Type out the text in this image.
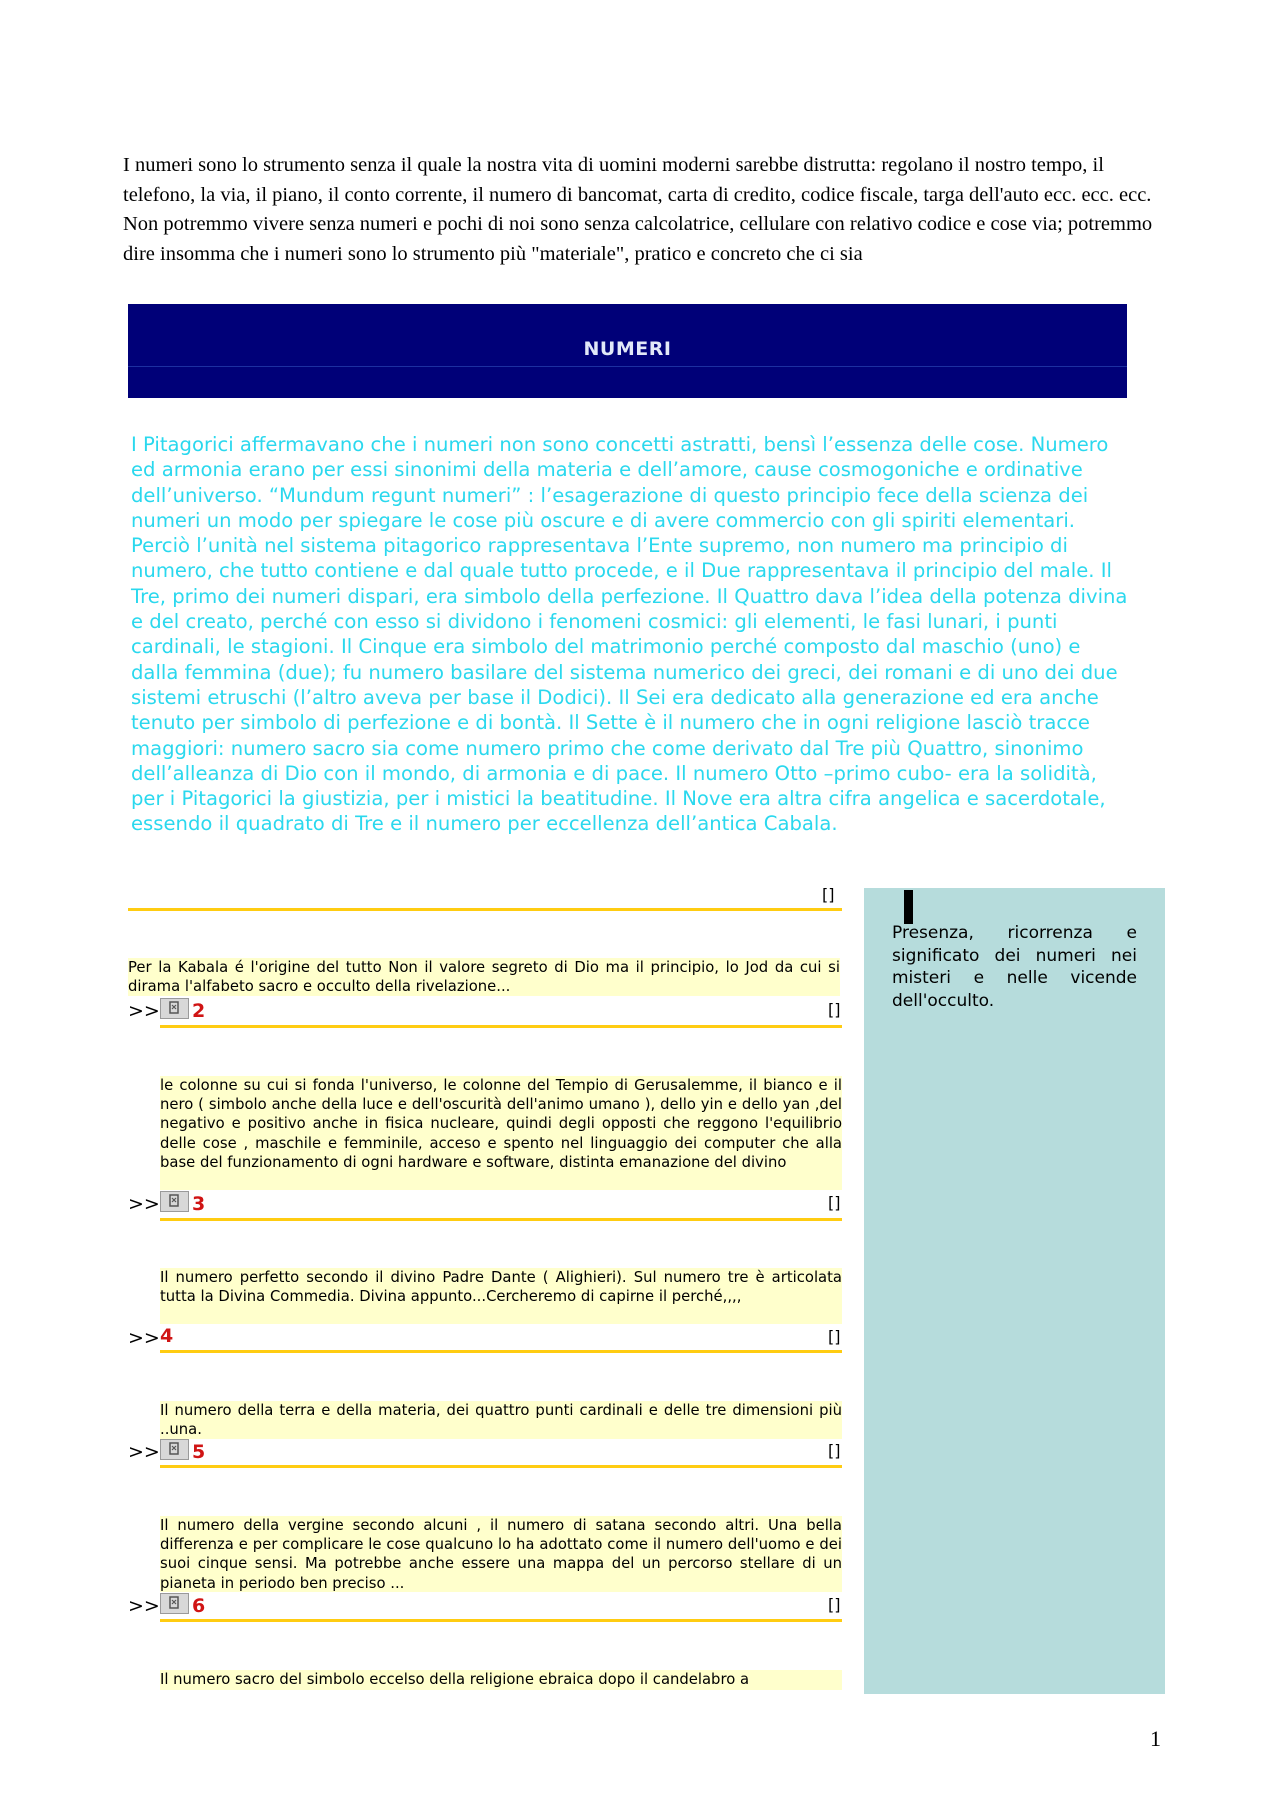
I numeri sono lo strumento senza il quale la nostra vita di uomini moderni sarebbe distrutta: regolano il nostro tempo, il telefono, la via, il piano, il conto corrente, il numero di bancomat, carta di credito, codice fiscale, targa dell'auto ecc. ecc. ecc. Non potremmo vivere senza numeri e pochi di noi sono senza calcolatrice, cellulare con relativo codice e cose via; potremmo dire insomma che i numeri sono lo strumento più "materiale", pratico e concreto che ci sia
NUMERI

I Pitagorici affermavano che i numeri non sono concetti astratti, bensì l’essenza delle cose. Numero ed armonia erano per essi sinonimi della materia e dell’amore, cause cosmogoniche e ordinative dell’universo. “Mundum regunt numeri” : l’esagerazione di questo principio fece della scienza dei numeri un modo per spiegare le cose più oscure e di avere commercio con gli spiriti elementari. Perciò l’unità nel sistema pitagorico rappresentava l’Ente supremo, non numero ma principio di numero, che tutto contiene e dal quale tutto procede, e il Due rappresentava il principio del male. Il Tre, primo dei numeri dispari, era simbolo della perfezione. Il Quattro dava l’idea della potenza divina e del creato, perché con esso si dividono i fenomeni cosmici: gli elementi, le fasi lunari, i punti cardinali, le stagioni. Il Cinque era simbolo del matrimonio perché composto dal maschio (uno) e dalla femmina (due); fu numero basilare del sistema numerico dei greci, dei romani e di uno dei due sistemi etruschi (l’altro aveva per base il Dodici). Il Sei era dedicato alla generazione ed era anche tenuto per simbolo di perfezione e di bontà. Il Sette è il numero che in ogni religione lasciò tracce maggiori: numero sacro sia come numero primo che come derivato dal Tre più Quattro, sinonimo dell’alleanza di Dio con il mondo, di armonia e di pace. Il numero Otto –primo cubo- era la solidità, per i Pitagorici la giustizia, per i mistici la beatitudine. Il Nove era altra cifra angelica e sacerdotale, essendo il quadrato di Tre e il numero per eccellenza dell’antica Cabala.

Presenza, ricorrenza e significato dei numeri nei misteri e nelle vicende dell'occulto.
[]
Per la Kabala é l'origine del tutto Non il valore segreto di Dio ma il principio, lo Jod da cui si dirama l'alfabeto sacro e occulto della rivelazione...
>> 2	[]
le colonne su cui si fonda l'universo, le colonne del Tempio di Gerusalemme, il bianco e il nero ( simbolo anche della luce e dell'oscurità dell'animo umano ), dello yin e dello yan ,del negativo e positivo anche in fisica nucleare, quindi degli opposti che reggono l'equilibrio delle cose , maschile e femminile, acceso e spento nel linguaggio dei computer che alla base del funzionamento di ogni hardware e software, distinta emanazione del divino
>> 3	[]
Il numero perfetto secondo il divino Padre Dante ( Alighieri). Sul numero tre è articolata tutta la Divina Commedia. Divina appunto...Cercheremo di capirne il perché,,,,
>> 4	[]
Il numero della terra e della materia, dei quattro punti cardinali e delle tre dimensioni più ..una.
>> 5	[]
Il numero della vergine secondo alcuni , il numero di satana secondo altri. Una bella differenza e per complicare le cose qualcuno lo ha adottato come il numero dell'uomo e dei suoi cinque sensi. Ma potrebbe anche essere una mappa del un percorso stellare di un pianeta in periodo ben preciso ...
>> 6	[]
Il numero sacro del simbolo eccelso della religione ebraica dopo il candelabro a
1
